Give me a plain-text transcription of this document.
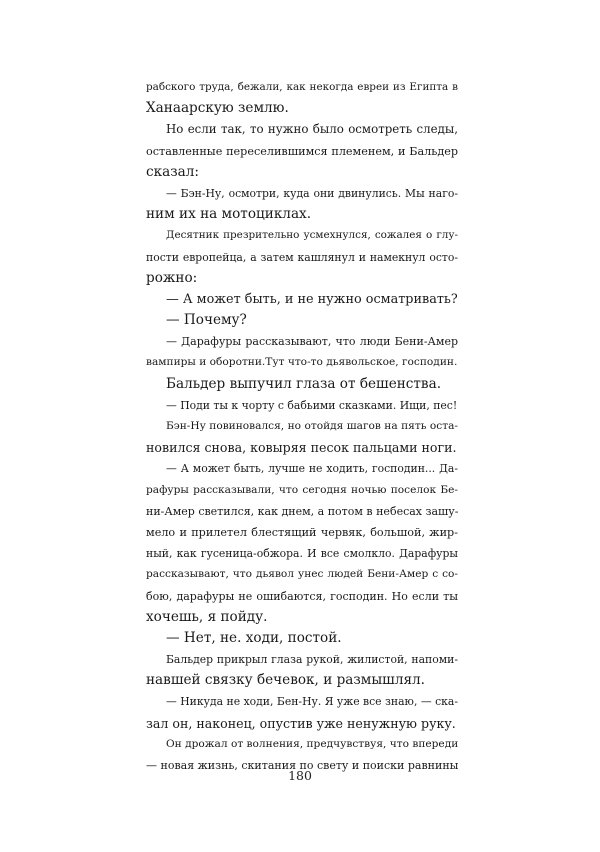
рабского труда, бежали, как некогда евреи из Египта в
Ханаарскую землю.
Но если так, то нужно было осмотреть следы,
оставленные переселившимся племенем, и Бальдер
сказал:
— Бэн-Ну, осмотри, куда они двинулись. Мы наго-
ним их на мотоциклах.
Десятник презрительно усмехнулся, сожалея о глу-
пости европейца, а затем кашлянул и намекнул осто-
рожно:
— А может быть, и не нужно осматривать?
— Почему?
— Дарафуры рассказывают, что люди Бени-Амер
вампиры и оборотни.Тут что-то дьявольское, господин.
Бальдер выпучил глаза от бешенства.
— Поди ты к чорту с бабьими сказками. Ищи, пес!
Бэн-Ну повиновался, но отойдя шагов на пять оста-
новился снова, ковыряя песок пальцами ноги.
— А может быть, лучше не ходить, господин... Да-
рафуры рассказывали, что сегодня ночью поселок Бе-
ни-Амер светился, как днем, а потом в небесах зашу-
мело и прилетел блестящий червяк, большой, жир-
ный, как гусеница-обжора. И все смолкло. Дарафуры
рассказывают, что дьявол унес людей Бени-Амер с со-
бою, дарафуры не ошибаются, господин. Но если ты
хочешь, я пойду.
— Нет, не. ходи, постой.
Бальдер прикрыл глаза рукой, жилистой, напоми-
навшей связку бечевок, и размышлял.
— Никуда не ходи, Бен-Ну. Я уже все знаю, — ска-
зал он, наконец, опустив уже ненужную руку.
Он дрожал от волнения, предчувствуя, что впереди
— новая жизнь, скитания по свету и поиски равнины
180
